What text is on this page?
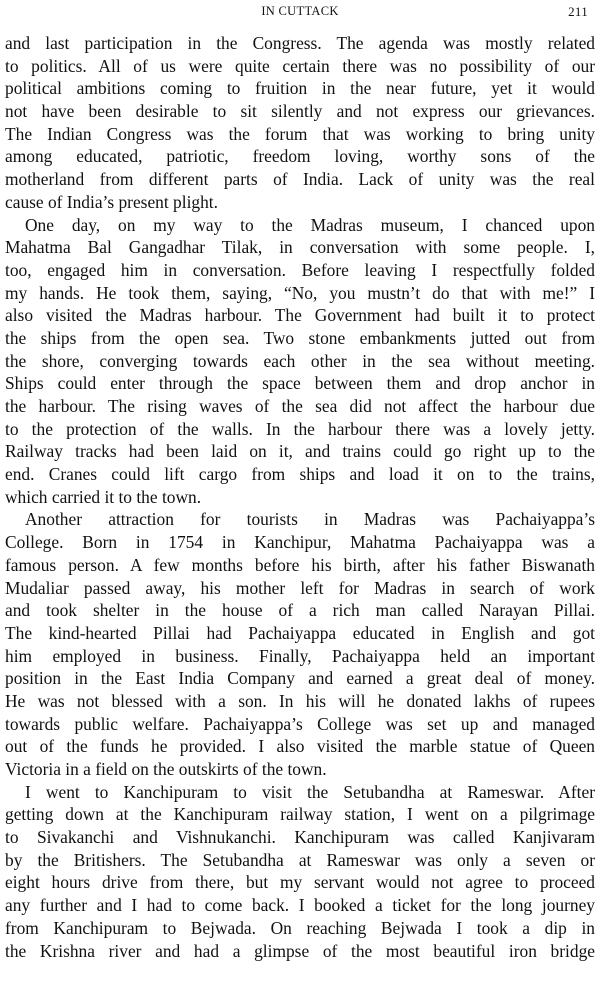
IN CUTTACK	211
and last participation in the Congress. The agenda was mostly related
to politics. All of us were quite certain there was no possibility of our
political ambitions coming to fruition in the near future, yet it would
not have been desirable to sit silently and not express our grievances.
The Indian Congress was the forum that was working to bring unity
among educated, patriotic, freedom loving, worthy sons of the
motherland from different parts of India. Lack of unity was the real
cause of India’s present plight.
One day, on my way to the Madras museum, I chanced upon
Mahatma Bal Gangadhar Tilak, in conversation with some people. I,
too, engaged him in conversation. Before leaving I respectfully folded
my hands. He took them, saying, “No, you mustn’t do that with me!” I
also visited the Madras harbour. The Government had built it to protect
the ships from the open sea. Two stone embankments jutted out from
the shore, converging towards each other in the sea without meeting.
Ships could enter through the space between them and drop anchor in
the harbour. The rising waves of the sea did not affect the harbour due
to the protection of the walls. In the harbour there was a lovely jetty.
Railway tracks had been laid on it, and trains could go right up to the
end. Cranes could lift cargo from ships and load it on to the trains,
which carried it to the town.
Another attraction for tourists in Madras was Pachaiyappa’s
College. Born in 1754 in Kanchipur, Mahatma Pachaiyappa was a
famous person. A few months before his birth, after his father Biswanath
Mudaliar passed away, his mother left for Madras in search of work
and took shelter in the house of a rich man called Narayan Pillai.
The kind-hearted Pillai had Pachaiyappa educated in English and got
him employed in business. Finally, Pachaiyappa held an important
position in the East India Company and earned a great deal of money.
He was not blessed with a son. In his will he donated lakhs of rupees
towards public welfare. Pachaiyappa’s College was set up and managed
out of the funds he provided. I also visited the marble statue of Queen
Victoria in a field on the outskirts of the town.
I went to Kanchipuram to visit the Setubandha at Rameswar. After
getting down at the Kanchipuram railway station, I went on a pilgrimage
to Sivakanchi and Vishnukanchi. Kanchipuram was called Kanjivaram
by the Britishers. The Setubandha at Rameswar was only a seven or
eight hours drive from there, but my servant would not agree to proceed
any further and I had to come back. I booked a ticket for the long journey
from Kanchipuram to Bejwada. On reaching Bejwada I took a dip in
the Krishna river and had a glimpse of the most beautiful iron bridge
